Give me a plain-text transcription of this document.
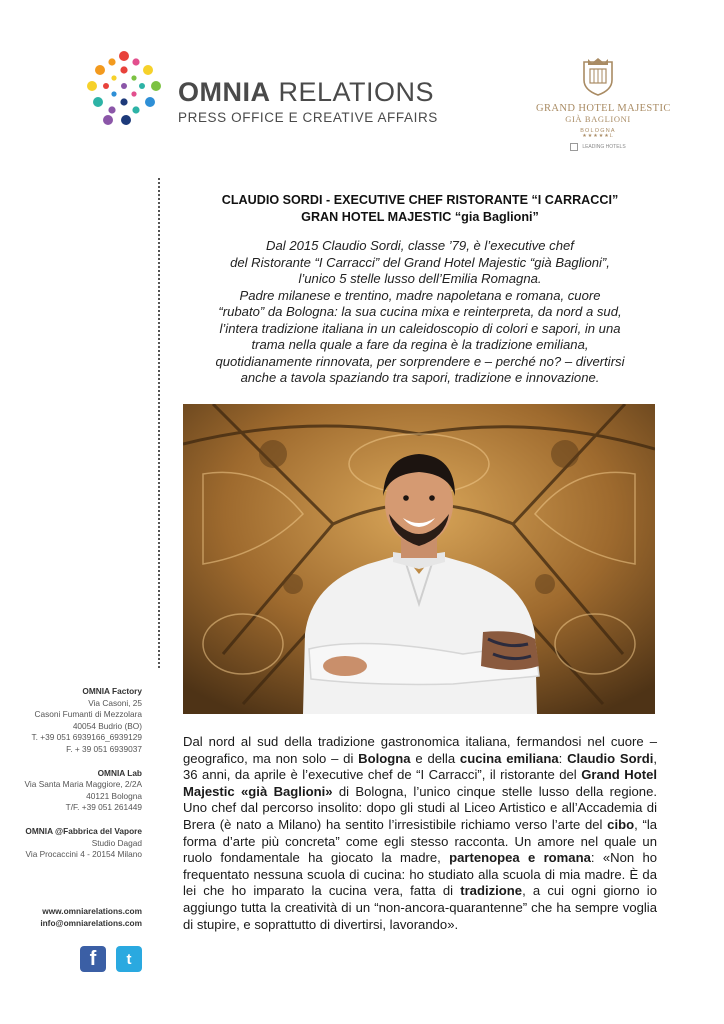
OMNIA RELATIONS
PRESS OFFICE E CREATIVE AFFAIRS
GRAND HOTEL MAJESTIC
GIÀ BAGLIONI
BOLOGNA
★★★★★L
LEADING HOTELS
CLAUDIO SORDI - EXECUTIVE CHEF RISTORANTE “I CARRACCI”
GRAN HOTEL MAJESTIC “gia Baglioni”

Dal 2015 Claudio Sordi, classe ’79, è l’executive chef

del Ristorante “I Carracci” del Grand Hotel Majestic “già Baglioni”,

l’unico 5 stelle lusso dell’Emilia Romagna.

Padre milanese e trentino, madre napoletana e romana, cuore

“rubato” da Bologna: la sua cucina mixa e reinterpreta, da nord a sud,

l’intera tradizione italiana in un caleidoscopio di colori e sapori, in una

trama nella quale a fare da regina è la tradizione emiliana,

quotidianamente rinnovata, per sorprendere e – perché no? – divertirsi

anche a tavola spaziando tra sapori, tradizione e innovazione.

Dal nord al sud della tradizione gastronomica italiana, fermandosi nel cuore – geografico, ma non solo – di Bologna e della cucina emiliana: Claudio Sordi, 36 anni, da aprile è l’executive chef de “I Carracci”, il ristorante del Grand Hotel Majestic «già Baglioni» di Bologna, l’unico cinque stelle lusso della regione. Uno chef dal percorso insolito: dopo gli studi al Liceo Artistico e all’Accademia di Brera (è nato a Milano) ha sentito l’irresistibile richiamo verso l’arte del cibo, “la forma d’arte più concreta” come egli stesso racconta. Un amore nel quale un ruolo fondamentale ha giocato la madre, partenopea e romana: «Non ho frequentato nessuna scuola di cucina: ho studiato alla scuola di mia madre. È da lei che ho imparato la cucina vera, fatta di tradizione, a cui ogni giorno io aggiungo tutta la creatività di un “non-ancora-quarantenne” che ha sempre voglia di stupire, e soprattutto di divertirsi, lavorando».

OMNIA Factory
Via Casoni, 25
Casoni Fumanti di Mezzolara
40054 Budrio (BO)
T. +39 051 6939166_6939129
F. + 39 051 6939037
OMNIA Lab
Via Santa Maria Maggiore, 2/2A
40121 Bologna
T/F. +39 051 261449
OMNIA @Fabbrica del Vapore
Studio Dagad
Via Procaccini 4 - 20154 Milano
www.omniarelations.com
info@omniarelations.com
f	t
